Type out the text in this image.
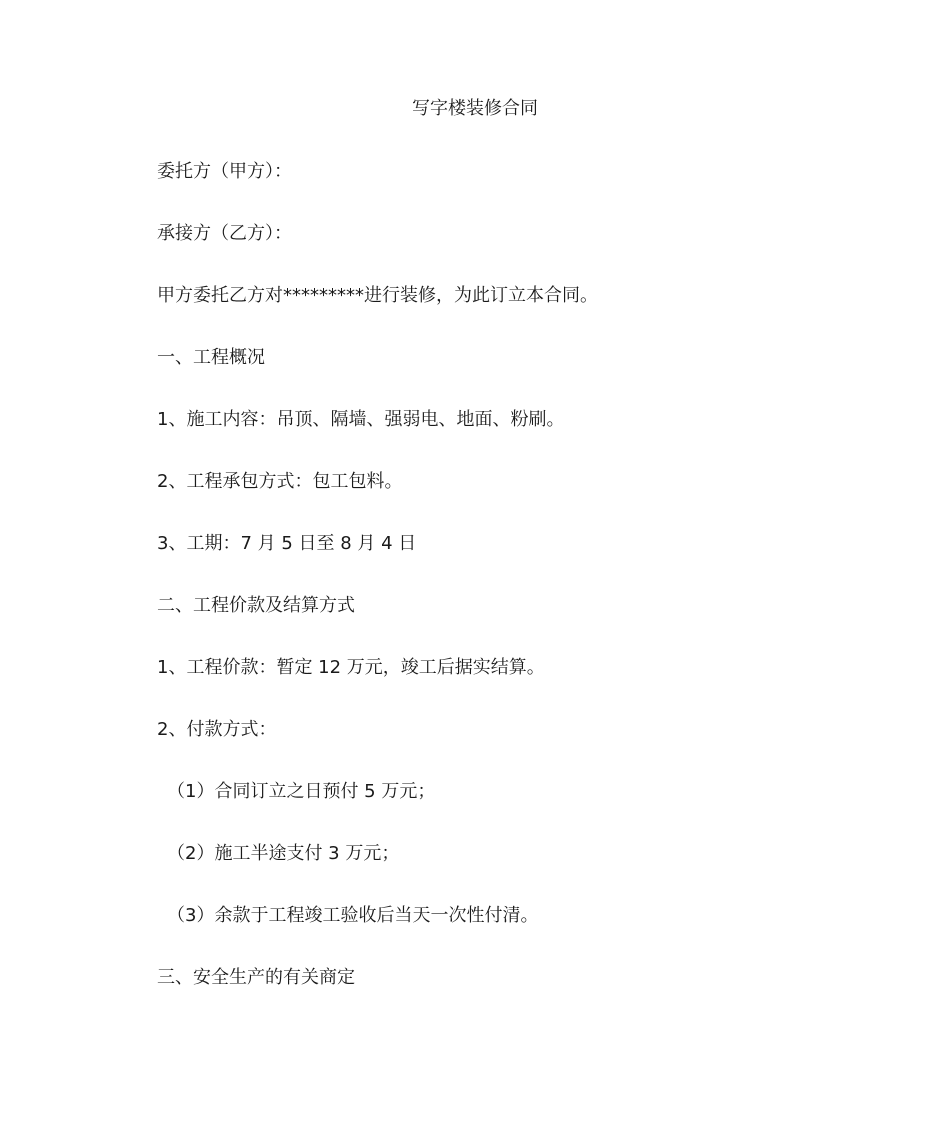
写字楼装修合同
委托方（甲方）：
承接方（乙方）：
甲方委托乙方对*********进行装修，为此订立本合同。
一、工程概况
1、施工内容：吊顶、隔墙、强弱电、地面、粉刷。
2、工程承包方式：包工包料。
3、工期：7 月 5 日至 8 月 4 日
二、工程价款及结算方式
1、工程价款：暂定 12 万元，竣工后据实结算。
2、付款方式：
（1）合同订立之日预付 5 万元；
（2）施工半途支付 3 万元；
（3）余款于工程竣工验收后当天一次性付清。
三、安全生产的有关商定
